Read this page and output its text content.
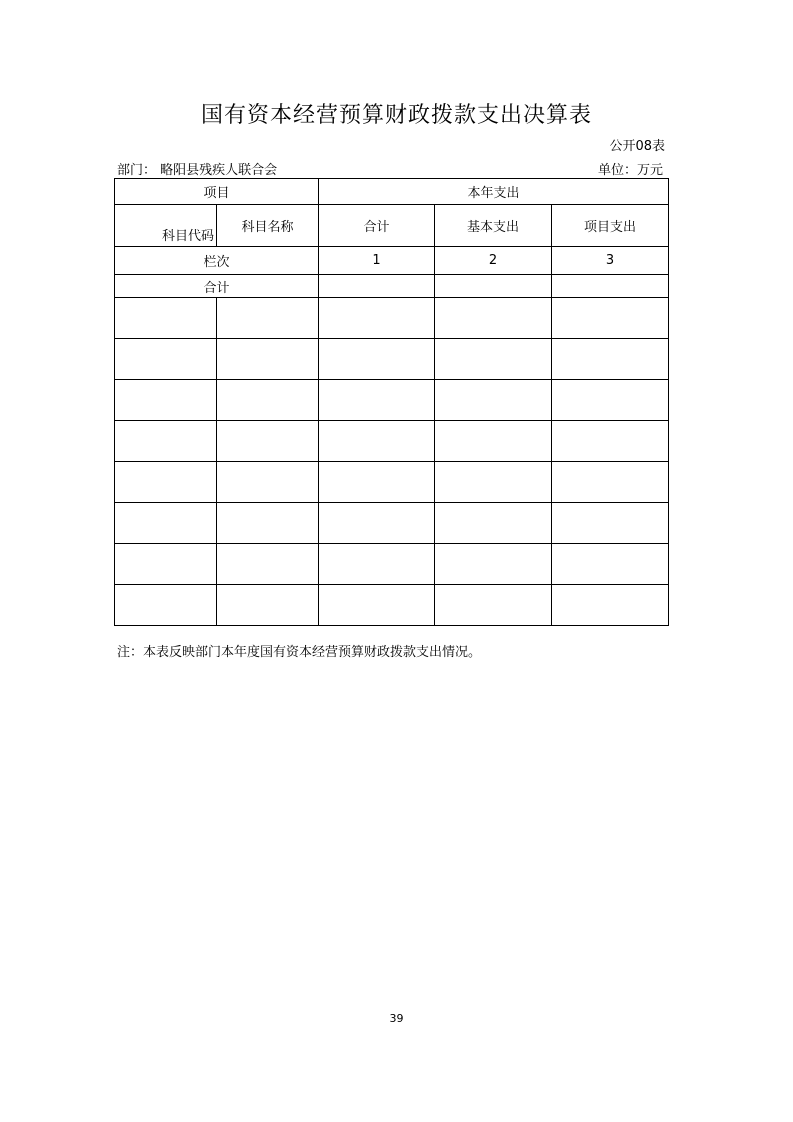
国有资本经营预算财政拨款支出决算表
公开08表
部门： 略阳县残疾人联合会	单位：万元
项目		本年支出		
科目代码	科目名称	合计	基本支出	项目支出
栏次		1	2	3
合计				

注：本表反映部门本年度国有资本经营预算财政拨款支出情况。
39
